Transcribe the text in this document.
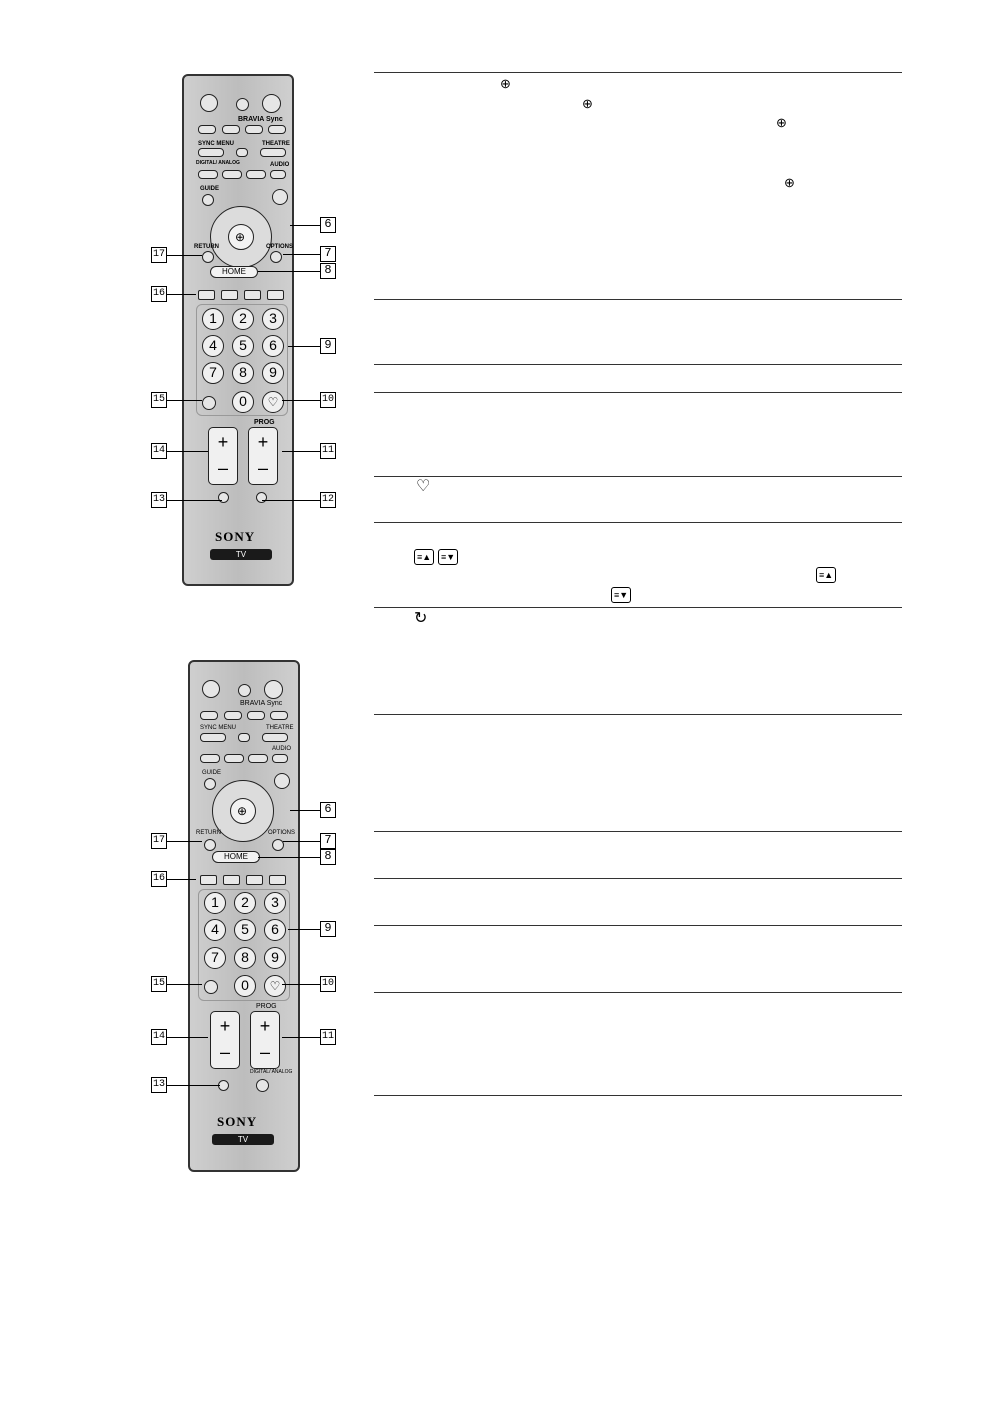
BRAVIA Sync
SYNC MENU	THEATRE
DIGITAL/ ANALOG	AUDIO
GUIDE
⊕
RETURN	OPTIONS
HOME
1	2	3
4	5	6
7	8	9
0	♡
PROG
+
–
+
–
SONY
TV
6
7
8
9
10
11
12
13
14
15
16
17
BRAVIA Sync
SYNC MENU	THEATRE
AUDIO
GUIDE
⊕
RETURN	OPTIONS
HOME
1	2	3
4	5	6
7	8	9
0	♡
PROG
+
–
+
–
DIGITAL/ ANALOG
SONY
TV
6
7
8
9
10
11
13
14
15
16
17
⊕
⊕
⊕
⊕
♡
≡▲	≡▼
≡▲
≡▼
↻
